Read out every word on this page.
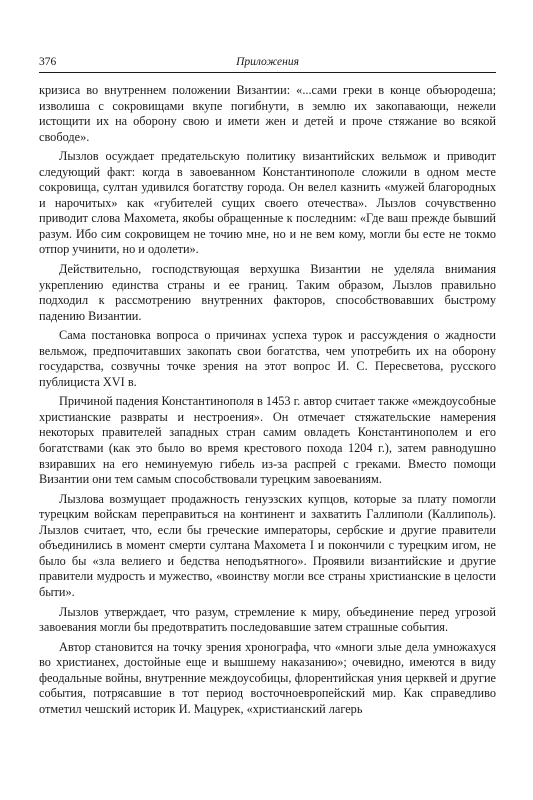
376	Приложения

кризиса во внутреннем положении Византии: «...сами греки в конце объюродеша; изволиша с сокровищами вкупе погибнути, в землю их закопавающи, нежели истощити их на оборону свою и имети жен и детей и проче стяжание во всякой свободе».

Лызлов осуждает предательскую политику византийских вельмож и приводит следующий факт: когда в завоеванном Константинополе сложили в одном месте сокровища, султан удивился богатству города. Он велел казнить «мужей благородных и нарочитых» как «губителей сущих своего отечества». Лызлов сочувственно приводит слова Махомета, якобы обращенные к последним: «Где ваш прежде бывший разум. Ибо сим сокровищем не точию мне, но и не вем кому, могли бы есте не токмо отпор учинити, но и одолети».

Действительно, господствующая верхушка Византии не уделяла внимания укреплению единства страны и ее границ. Таким образом, Лызлов правильно подходил к рассмотрению внутренних факторов, способствовавших быстрому падению Византии.

Сама постановка вопроса о причинах успеха турок и рассуждения о жадности вельмож, предпочитавших закопать свои богатства, чем употребить их на оборону государства, созвучны точке зрения на этот вопрос И. С. Пересветова, русского публициста XVI в.

Причиной падения Константинополя в 1453 г. автор считает также «междоусобные христианские развраты и нестроения». Он отмечает стяжательские намерения некоторых правителей западных стран самим овладеть Константинополем и его богатствами (как это было во время крестового похода 1204 г.), затем равнодушно взиравших на его неминуемую гибель из-за распрей с греками. Вместо помощи Византии они тем самым способствовали турецким завоеваниям.

Лызлова возмущает продажность генуэзских купцов, которые за плату помогли турецким войскам переправиться на континент и захватить Галлиполи (Каллиполь). Лызлов считает, что, если бы греческие императоры, сербские и другие правители объединились в момент смерти султана Махомета I и покончили с турецким игом, не было бы «зла велиего и бедства неподъятного». Проявили византийские и другие правители мудрость и мужество, «воинству могли все страны христианские в целости быти».

Лызлов утверждает, что разум, стремление к миру, объединение перед угрозой завоевания могли бы предотвратить последовавшие затем страшные события.

Автор становится на точку зрения хронографа, что «многи злые дела умножахуся во христианех, достойные еще и вышшему наказанию»; очевидно, имеются в виду феодальные войны, внутренние междоусобицы, флорентийская уния церквей и другие события, потрясавшие в тот период восточноевропейский мир. Как справедливо отметил чешский историк И. Мацурек, «христианский лагерь
